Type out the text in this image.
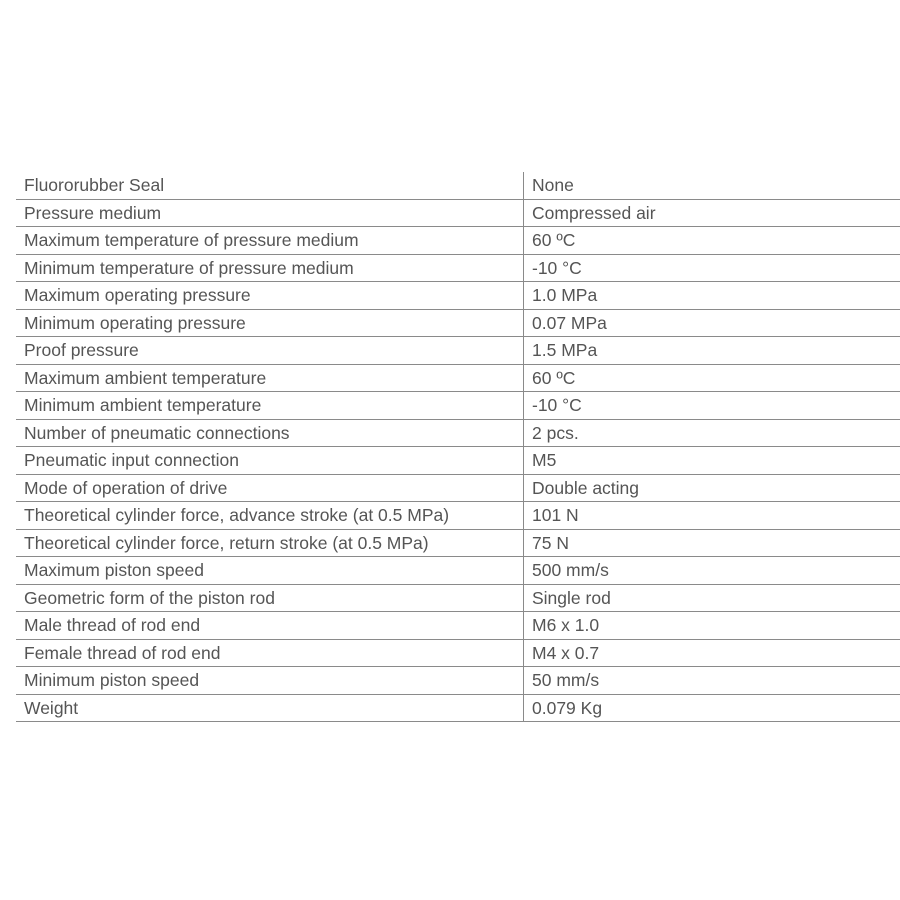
Fluororubber Seal	None
Pressure medium	Compressed air
Maximum temperature of pressure medium	60 ºC
Minimum temperature of pressure medium	-10 °C
Maximum operating pressure	1.0 MPa
Minimum operating pressure	0.07 MPa
Proof pressure	1.5 MPa
Maximum ambient temperature	60 ºC
Minimum ambient temperature	-10 °C
Number of pneumatic connections	2 pcs.
Pneumatic input connection	M5
Mode of operation of drive	Double acting
Theoretical cylinder force, advance stroke (at 0.5 MPa)	101 N
Theoretical cylinder force, return stroke (at 0.5 MPa)	75 N
Maximum piston speed	500 mm/s
Geometric form of the piston rod	Single rod
Male thread of rod end	M6 x 1.0
Female thread of rod end	M4 x 0.7
Minimum piston speed	50 mm/s
Weight	0.079 Kg
